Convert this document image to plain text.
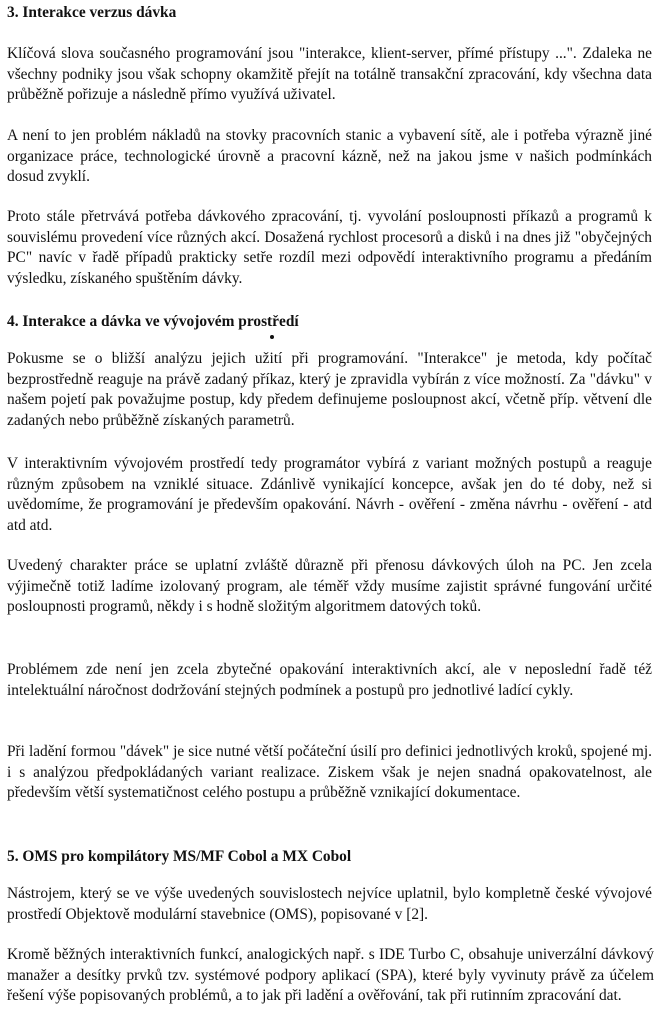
3. Interakce verzus dávka

Klíčová slova současného programování jsou "interakce, klient-server, přímé přístupy ...". Zdaleka ne všechny podniky jsou však schopny okamžitě přejít na totálně transakční zpracování, kdy všechna data průběžně pořizuje a následně přímo využívá uživatel.

A není to jen problém nákladů na stovky pracovních stanic a vybavení sítě, ale i potřeba výrazně jiné organizace práce, technologické úrovně a pracovní kázně, než na jakou jsme v našich podmínkách dosud zvyklí.

Proto stále přetrvává potřeba dávkového zpracování, tj. vyvolání posloupnosti příkazů a programů k souvislému provedení více různých akcí. Dosažená rychlost procesorů a disků i na dnes již "obyčejných PC" navíc v řadě případů prakticky setře rozdíl mezi odpovědí interaktivního programu a předáním výsledku, získaného spuštěním dávky.

4. Interakce a dávka ve vývojovém prostředí

Pokusme se o bližší analýzu jejich užití při programování. "Interakce" je metoda, kdy počítač bezprostředně reaguje na právě zadaný příkaz, který je zpravidla vybírán z více možností. Za "dávku" v našem pojetí pak považujme postup, kdy předem definujeme posloupnost akcí, včetně příp. větvení dle zadaných nebo průběžně získaných parametrů.

V interaktivním vývojovém prostředí tedy programátor vybírá z variant možných postupů a reaguje různým způsobem na vzniklé situace. Zdánlivě vynikající koncepce, avšak jen do té doby, než si uvědomíme, že programování je především opakování. Návrh - ověření - změna návrhu - ověření - atd atd atd.

Uvedený charakter práce se uplatní zvláště důrazně při přenosu dávkových úloh na PC. Jen zcela výjimečně totiž ladíme izolovaný program, ale téměř vždy musíme zajistit správné fungování určité posloupnosti programů, někdy i s hodně složitým algoritmem datových toků.

Problémem zde není jen zcela zbytečné opakování interaktivních akcí, ale v neposlední řadě též intelektuální náročnost dodržování stejných podmínek a postupů pro jednotlivé ladící cykly.

Při ladění formou "dávek" je sice nutné větší počáteční úsilí pro definici jednotlivých kroků, spojené mj. i s analýzou předpokládaných variant realizace. Ziskem však je nejen snadná opakovatelnost, ale především větší systematičnost celého postupu a průběžně vznikající dokumentace.

5. OMS pro kompilátory MS/MF Cobol a MX Cobol

Nástrojem, který se ve výše uvedených souvislostech nejvíce uplatnil, bylo kompletně české vývojové prostředí Objektově modulární stavebnice (OMS), popisované v [2].

Kromě běžných interaktivních funkcí, analogických např. s IDE Turbo C, obsahuje univerzální dávkový manažer a desítky prvků tzv. systémové podpory aplikací (SPA), které byly vyvinuty právě za účelem řešení výše popisovaných problémů, a to jak při ladění a ověřování, tak při rutinním zpracování dat.
